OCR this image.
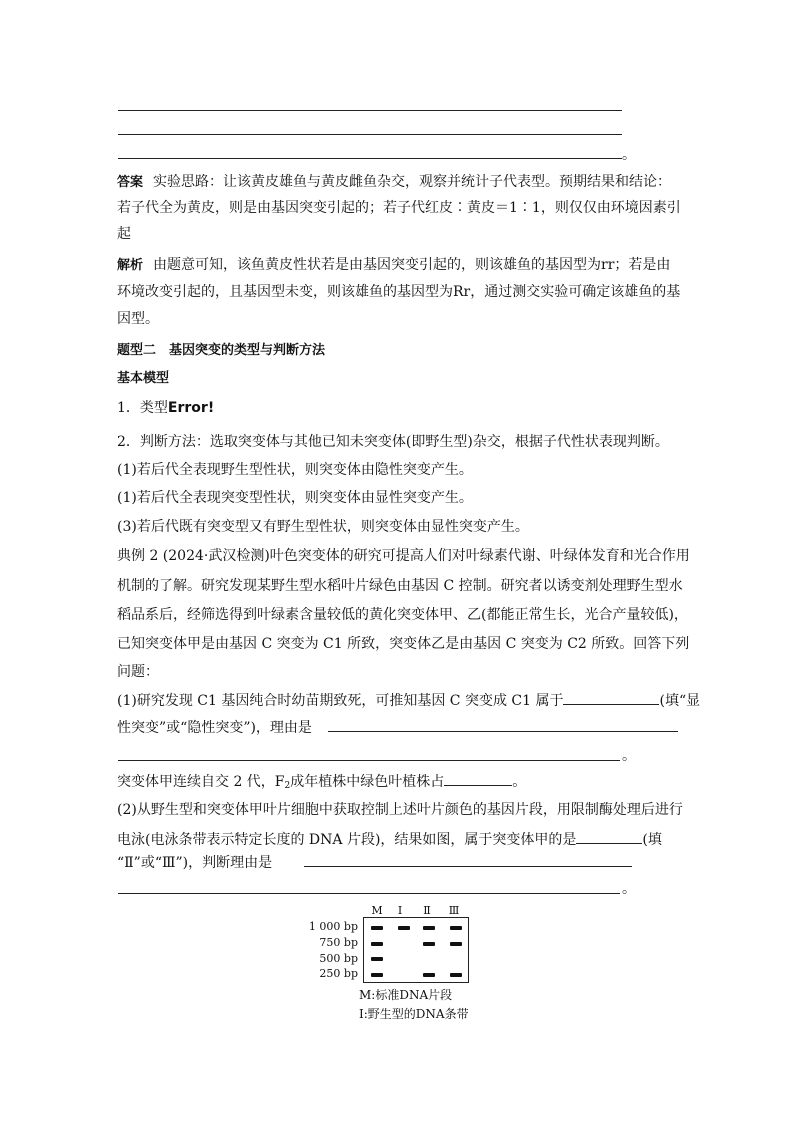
。
答案 实验思路：让该黄皮雄鱼与黄皮雌鱼杂交，观察并统计子代表型。预期结果和结论：
若子代全为黄皮，则是由基因突变引起的；若子代红皮∶黄皮＝1∶1，则仅仅由环境因素引
起
解析 由题意可知，该鱼黄皮性状若是由基因突变引起的，则该雄鱼的基因型为rr；若是由
环境改变引起的，且基因型未变，则该雄鱼的基因型为Rr，通过测交实验可确定该雄鱼的基
因型。
题型二　基因突变的类型与判断方法
基本模型
1．类型Error!
2．判断方法：选取突变体与其他已知未突变体(即野生型)杂交，根据子代性状表现判断。
(1)若后代全表现野生型性状，则突变体由隐性突变产生。
(1)若后代全表现突变型性状，则突变体由显性突变产生。
(3)若后代既有突变型又有野生型性状，则突变体由显性突变产生。
典例 2 (2024·武汉检测)叶色突变体的研究可提高人们对叶绿素代谢、叶绿体发育和光合作用
机制的了解。研究发现某野生型水稻叶片绿色由基因 C 控制。研究者以诱变剂处理野生型水
稻品系后，经筛选得到叶绿素含量较低的黄化突变体甲、乙(都能正常生长，光合产量较低)，
已知突变体甲是由基因 C 突变为 C1 所致，突变体乙是由基因 C 突变为 C2 所致。回答下列
问题：
(1)研究发现 C1 基因纯合时幼苗期致死，可推知基因 C 突变成 C1 属于	(填“显
性突变”或“隐性突变”)，理由是
。
突变体甲连续自交 2 代，$F_2$成年植株中绿色叶植株占	。
(2)从野生型和突变体甲叶片细胞中获取控制上述叶片颜色的基因片段，用限制酶处理后进行
电泳(电泳条带表示特定长度的 DNA 片段)，结果如图，属于突变体甲的是	(填
“Ⅱ”或“Ⅲ”)，判断理由是
。
M	Ⅰ	Ⅱ	Ⅲ
1 000 bp
750 bp
500 bp
250 bp
M:标准DNA片段
Ⅰ:野生型的DNA条带
